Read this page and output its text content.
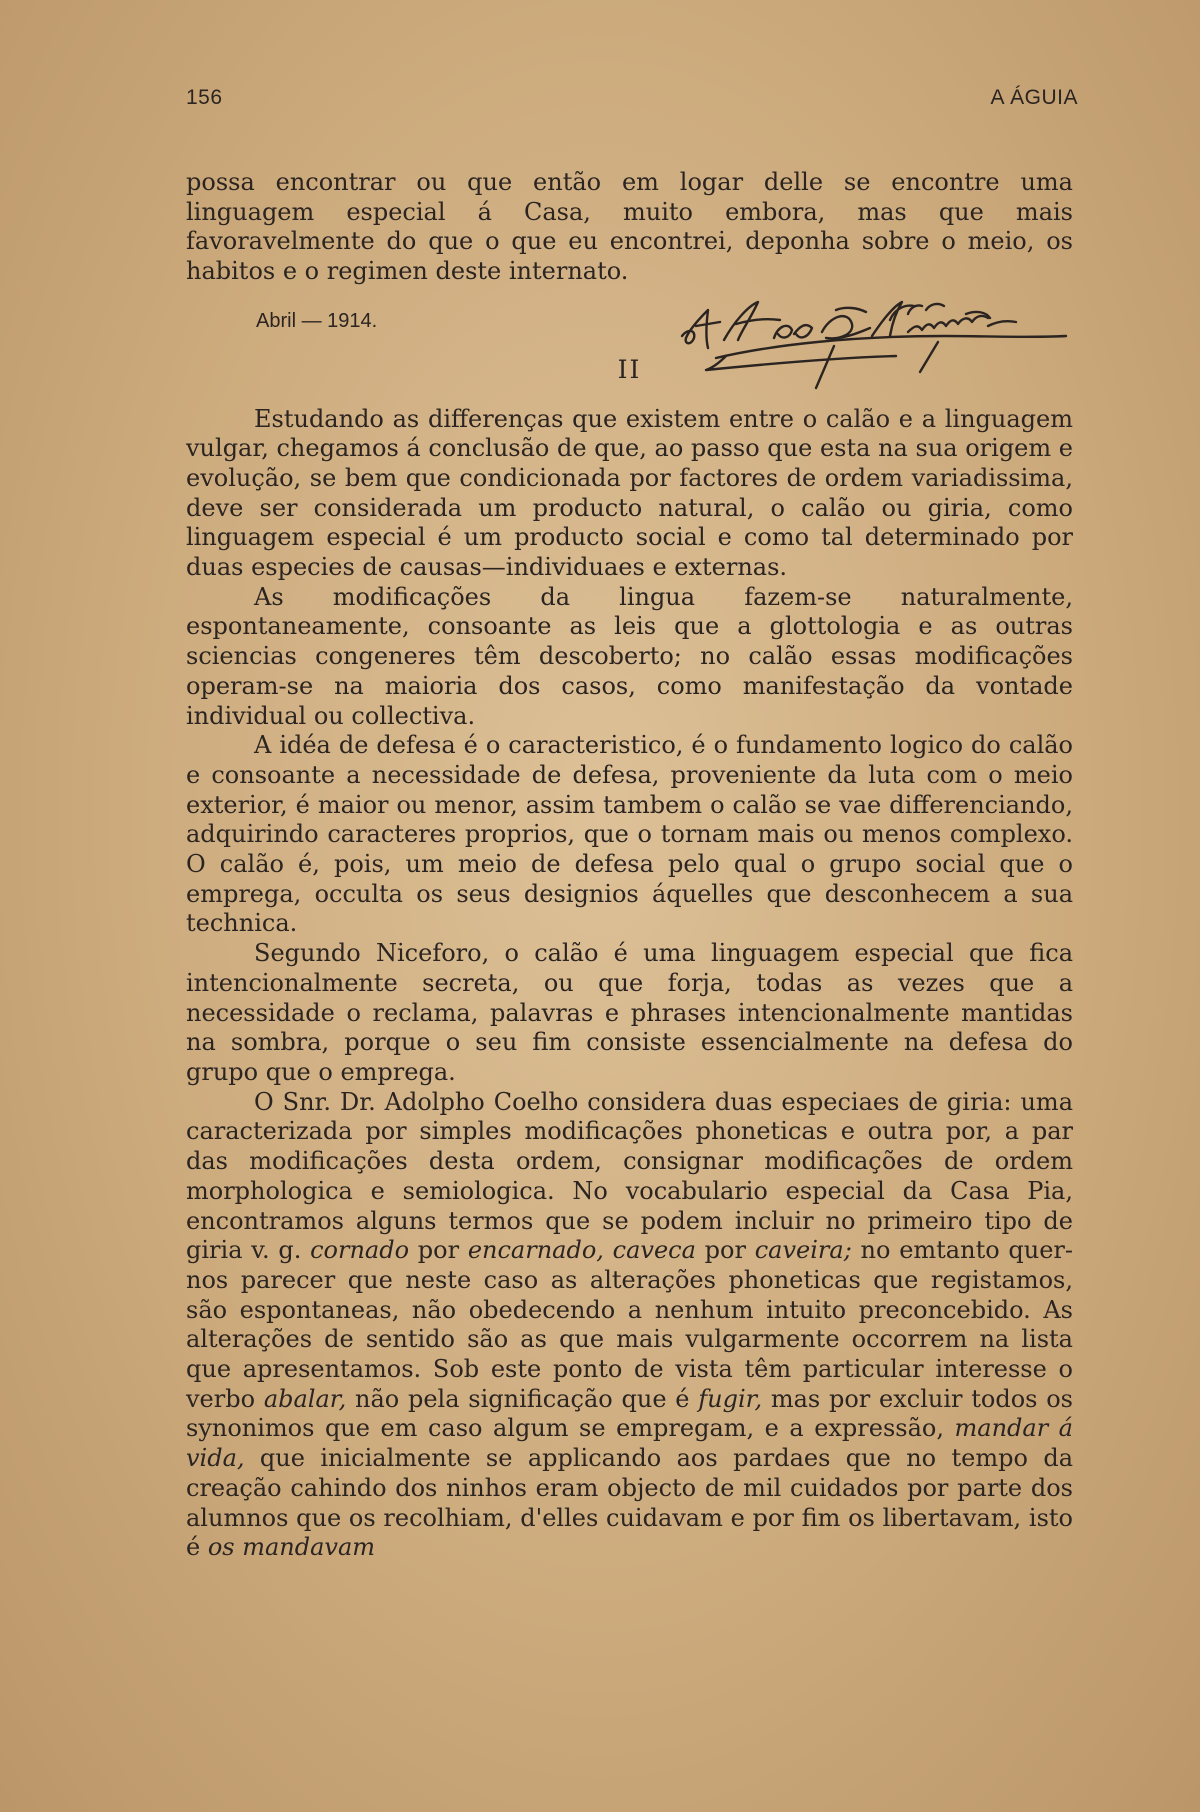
156	A ÁGUIA

possa encontrar ou que então em logar delle se encontre uma linguagem especial á Casa, muito embora, mas que mais favoravelmente do que o que eu encontrei, deponha sobre o meio, os habitos e o regimen deste internato.

Abril — 1914.
II

Estudando as differenças que existem entre o calão e a linguagem vulgar, chegamos á conclusão de que, ao passo que esta na sua origem e evolução, se bem que condicionada por factores de ordem variadissima, deve ser considerada um producto natural, o calão ou giria, como linguagem especial é um producto social e como tal determinado por duas especies de causas—individuaes e externas.

As modificações da lingua fazem-se naturalmente, espontaneamente, consoante as leis que a glottologia e as outras sciencias congeneres têm descoberto; no calão essas modificações operam-se na maioria dos casos, como manifestação da vontade individual ou collectiva.

A idéa de defesa é o caracteristico, é o fundamento logico do calão e consoante a necessidade de defesa, proveniente da luta com o meio exterior, é maior ou menor, assim tambem o calão se vae differenciando, adquirindo caracteres proprios, que o tornam mais ou menos complexo. O calão é, pois, um meio de defesa pelo qual o grupo social que o emprega, occulta os seus designios áquelles que desconhecem a sua technica.

Segundo Niceforo, o calão é uma linguagem especial que fica intencionalmente secreta, ou que forja, todas as vezes que a necessidade o reclama, palavras e phrases intencionalmente mantidas na sombra, porque o seu fim consiste essencialmente na defesa do grupo que o emprega.

O Snr. Dr. Adolpho Coelho considera duas especiaes de giria: uma caracterizada por simples modificações phoneticas e outra por, a par das modificações desta ordem, consignar modificações de ordem morphologica e semiologica. No vocabulario especial da Casa Pia, encontramos alguns termos que se podem incluir no primeiro tipo de giria v. g. cornado por encarnado, caveca por caveira; no emtanto quer-nos parecer que neste caso as alterações phoneticas que registamos, são espontaneas, não obedecendo a nenhum intuito preconcebido. As alterações de sentido são as que mais vulgarmente occorrem na lista que apresentamos. Sob este ponto de vista têm particular interesse o verbo abalar, não pela significação que é fugir, mas por excluir todos os synonimos que em caso algum se empregam, e a expressão, mandar á vida, que inicialmente se applicando aos pardaes que no tempo da creação cahindo dos ninhos eram objecto de mil cuidados por parte dos alumnos que os recolhiam, d'elles cuidavam e por fim os libertavam, isto é os mandavam
